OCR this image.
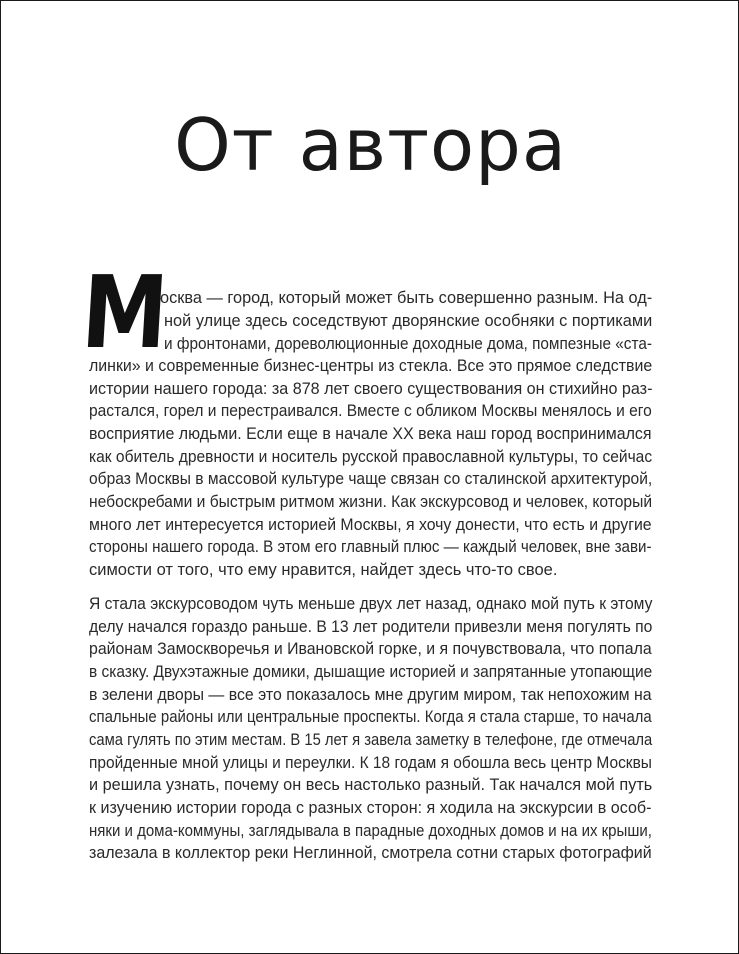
От автора
М
осква — город, который может быть совершенно разным. На од-
ной улице здесь соседствуют дворянские особняки с портиками
и фронтонами, дореволюционные доходные дома, помпезные «ста-
линки» и современные бизнес-центры из стекла. Все это прямое следствие
истории нашего города: за 878 лет своего существования он стихийно раз-
растался, горел и перестраивался. Вместе с обликом Москвы менялось и его
восприятие людьми. Если еще в начале XX века наш город воспринимался
как обитель древности и носитель русской православной культуры, то сейчас
образ Москвы в массовой культуре чаще связан со сталинской архитектурой,
небоскребами и быстрым ритмом жизни. Как экскурсовод и человек, который
много лет интересуется историей Москвы, я хочу донести, что есть и другие
стороны нашего города. В этом его главный плюс — каждый человек, вне зави-
симости от того, что ему нравится, найдет здесь что-то свое.
Я стала экскурсоводом чуть меньше двух лет назад, однако мой путь к этому
делу начался гораздо раньше. В 13 лет родители привезли меня погулять по
районам Замоскворечья и Ивановской горке, и я почувствовала, что попала
в сказку. Двухэтажные домики, дышащие историей и запрятанные утопающие
в зелени дворы — все это показалось мне другим миром, так непохожим на
спальные районы или центральные проспекты. Когда я стала старше, то начала
сама гулять по этим местам. В 15 лет я завела заметку в телефоне, где отмечала
пройденные мной улицы и переулки. К 18 годам я обошла весь центр Москвы
и решила узнать, почему он весь настолько разный. Так начался мой путь
к изучению истории города с разных сторон: я ходила на экскурсии в особ-
няки и дома-коммуны, заглядывала в парадные доходных домов и на их крыши,
залезала в коллектор реки Неглинной, смотрела сотни старых фотографий
